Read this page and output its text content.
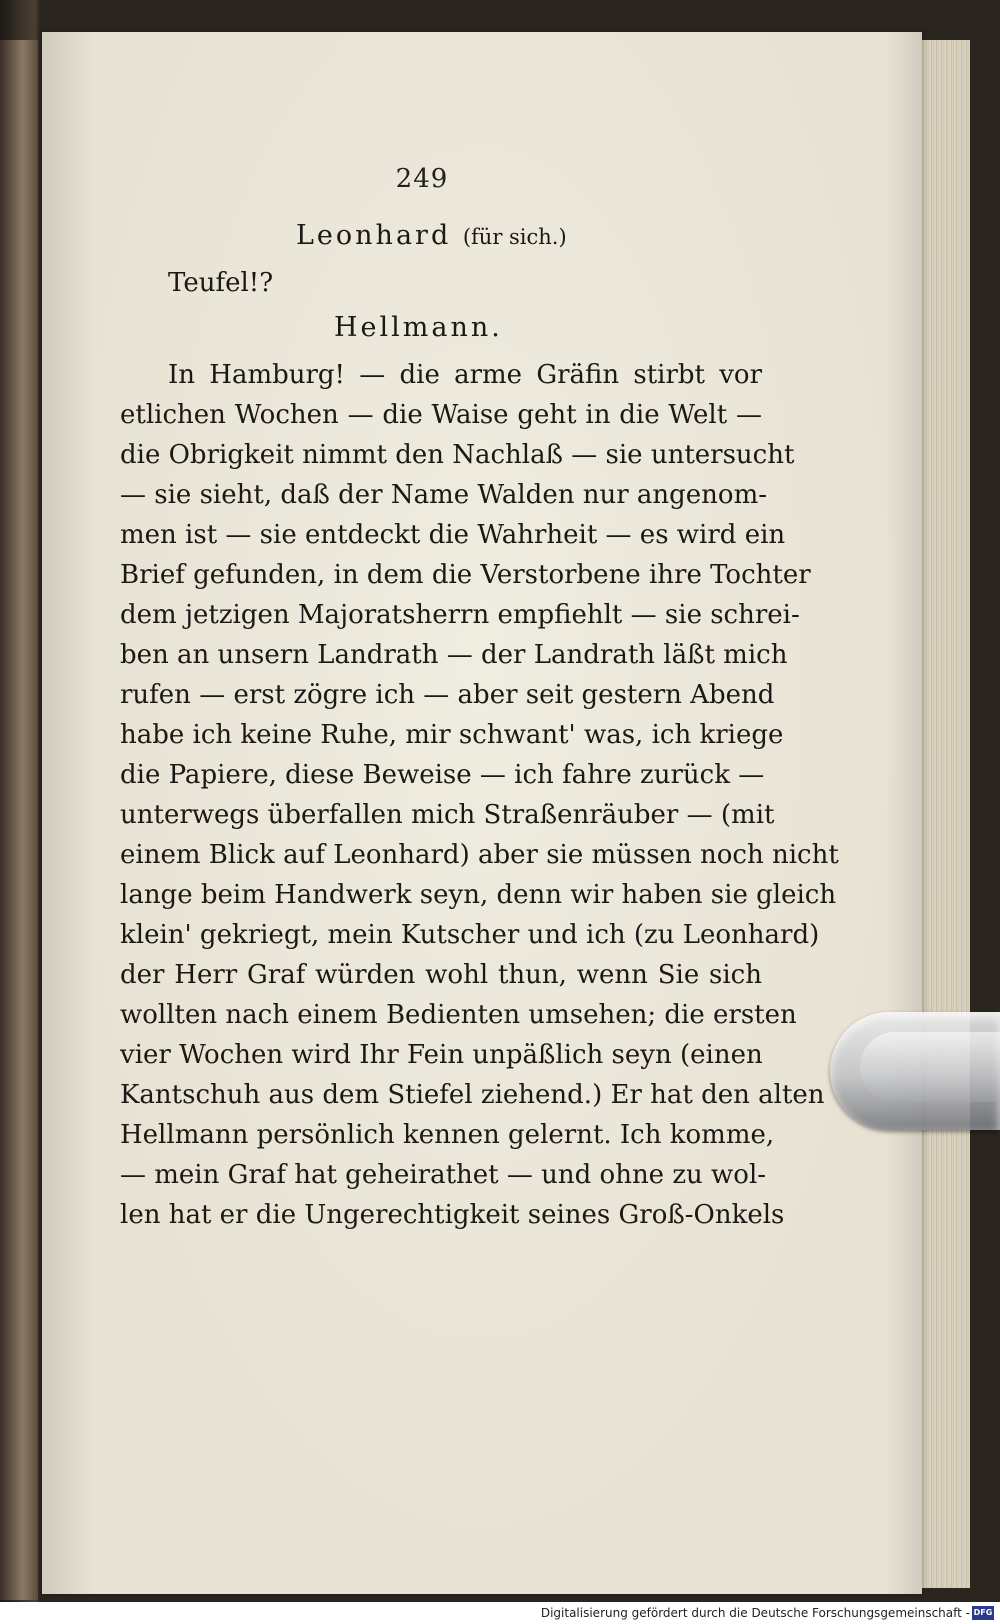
249
Leonhard (für sich.)
Teufel!?
Hellmann.
In Hamburg! — die arme Gräfin stirbt vor
etlichen Wochen — die Waise geht in die Welt —
die Obrigkeit nimmt den Nachlaß — sie untersucht
— sie sieht, daß der Name Walden nur angenom-
men ist — sie entdeckt die Wahrheit — es wird ein
Brief gefunden, in dem die Verstorbene ihre Tochter
dem jetzigen Majoratsherrn empfiehlt — sie schrei-
ben an unsern Landrath — der Landrath läßt mich
rufen — erst zögre ich — aber seit gestern Abend
habe ich keine Ruhe, mir schwant' was, ich kriege
die Papiere, diese Beweise — ich fahre zurück —
unterwegs überfallen mich Straßenräuber — (mit
einem Blick auf Leonhard) aber sie müssen noch nicht
lange beim Handwerk seyn, denn wir haben sie gleich
klein' gekriegt, mein Kutscher und ich (zu Leonhard)
der Herr Graf würden wohl thun, wenn Sie sich
wollten nach einem Bedienten umsehen; die ersten
vier Wochen wird Ihr Fein unpäßlich seyn (einen
Kantschuh aus dem Stiefel ziehend.) Er hat den alten
Hellmann persönlich kennen gelernt. Ich komme,
— mein Graf hat geheirathet — und ohne zu wol-
len hat er die Ungerechtigkeit seines Groß-Onkels
Digitalisierung gefördert durch die Deutsche Forschungsgemeinschaft - DFG
